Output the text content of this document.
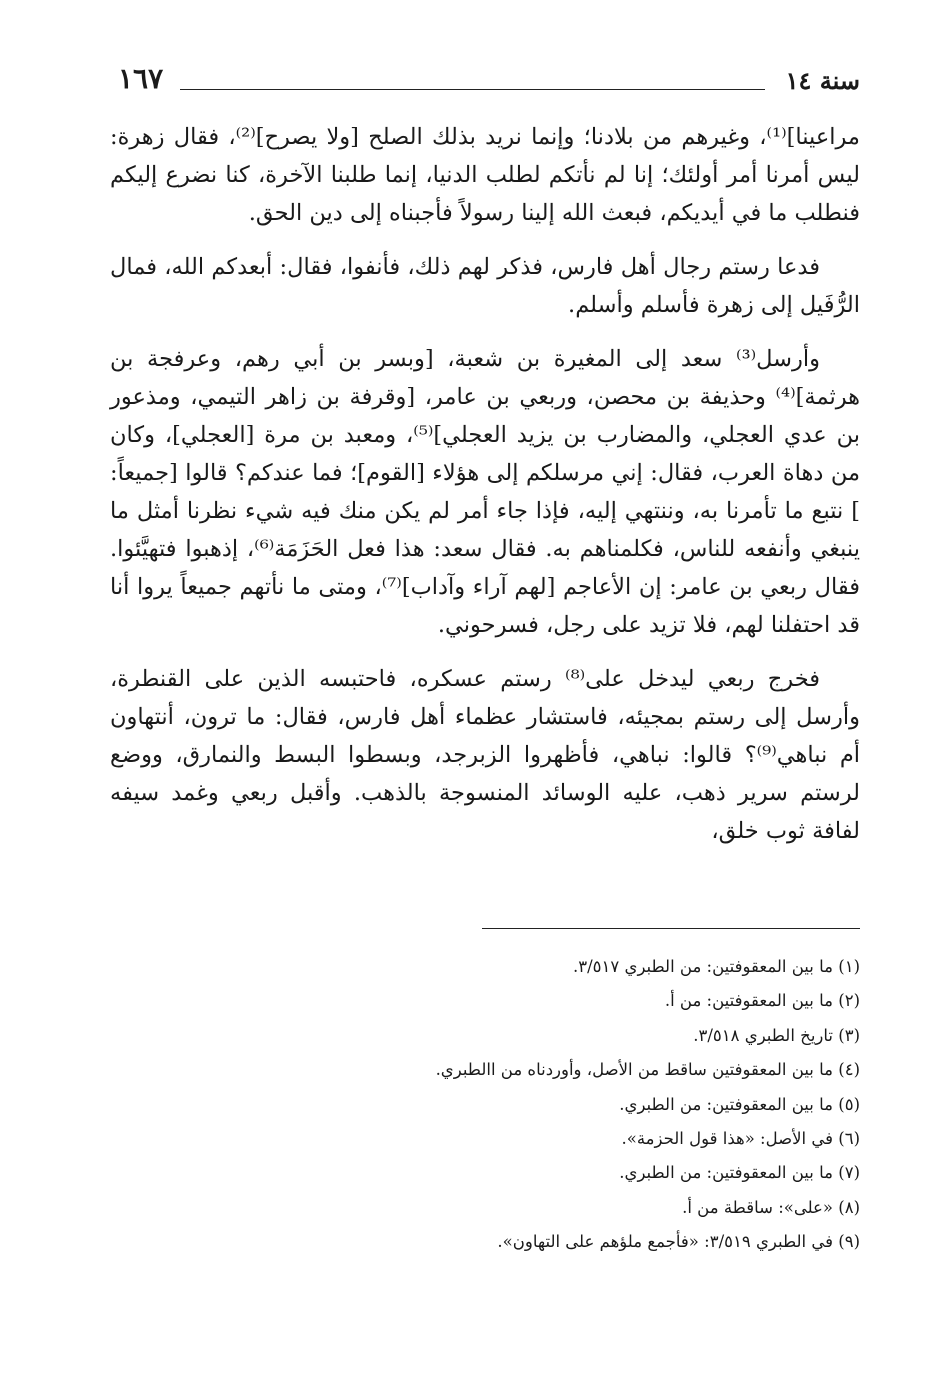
سنة ١٤
١٦٧

مراعينا]⁽¹⁾، وغيرهم من بلادنا؛ وإنما نريد بذلك الصلح [ولا يصرح]⁽²⁾، فقال زهرة: ليس أمرنا أمر أولئك؛ إنا لم نأتكم لطلب الدنيا، إنما طلبنا الآخرة، كنا نضرع إليكم فنطلب ما في أيديكم، فبعث الله إلينا رسولاً فأجبناه إلى دين الحق.

فدعا رستم رجال أهل فارس، فذكر لهم ذلك، فأنفوا، فقال: أبعدكم الله، فمال الرُّفَيل إلى زهرة فأسلم وأسلم.

وأرسل⁽³⁾ سعد إلى المغيرة بن شعبة، [وبسر بن أبي رهم، وعرفجة بن هرثمة]⁽⁴⁾ وحذيفة بن محصن، وربعي بن عامر، [وقرفة بن زاهر التيمي، ومذعور بن عدي العجلي، والمضارب بن يزيد العجلي]⁽⁵⁾، ومعبد بن مرة [العجلي]، وكان من دهاة العرب، فقال: إني مرسلكم إلى هؤلاء [القوم]؛ فما عندكم؟ قالوا [جميعاً: ] نتبع ما تأمرنا به، وننتهي إليه، فإذا جاء أمر لم يكن منك فيه شيء نظرنا أمثل ما ينبغي وأنفعه للناس، فكلمناهم به. فقال سعد: هذا فعل الحَزَمَة⁽⁶⁾، إذهبوا فتهيَّئوا. فقال ربعي بن عامر: إن الأعاجم [لهم آراء وآداب]⁽⁷⁾، ومتى ما نأتهم جميعاً يروا أنا قد احتفلنا لهم، فلا تزيد على رجل، فسرحوني.

فخرج ربعي ليدخل على⁽⁸⁾ رستم عسكره، فاحتبسه الذين على القنطرة، وأرسل إلى رستم بمجيئه، فاستشار عظماء أهل فارس، فقال: ما ترون، أنتهاون أم نباهي⁽⁹⁾؟ قالوا: نباهي، فأظهروا الزبرجد، وبسطوا البسط والنمارق، ووضع لرستم سرير ذهب، عليه الوسائد المنسوجة بالذهب. وأقبل ربعي وغمد سيفه لفافة ثوب خلق،

(١) ما بين المعقوفتين: من الطبري ٣/٥١٧.
(٢) ما بين المعقوفتين: من أ.
(٣) تاريخ الطبري ٣/٥١٨.
(٤) ما بين المعقوفتين ساقط من الأصل، وأوردناه من االطبري.
(٥) ما بين المعقوفتين: من الطبري.
(٦) في الأصل: «هذا قول الحزمة».
(٧) ما بين المعقوفتين: من الطبري.
(٨) «على»: ساقطة من أ.
(٩) في الطبري ٣/٥١٩: «فأجمع ملؤهم على التهاون».
